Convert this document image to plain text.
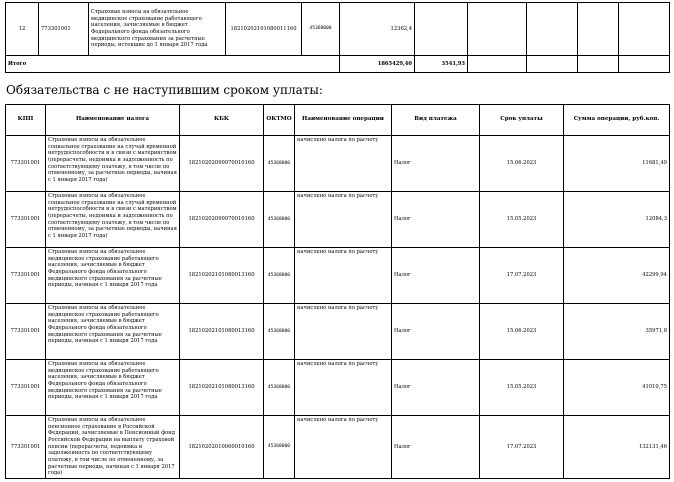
12	773301001	Страховые взносы на обязательное медицинское страхование работающего населения, зачисляемые в бюджет Федерального фонда обязательного медицинского страхования за расчетные периоды, истекшие до 1 января 2017 года	18210202101080011160	45368000	12362,4					
Итого					1865429,40	3541,93				
Обязательства с не наступившим сроком уплаты:
КПП	Наименование налога	КБК	ОКТМО	Наименование операции	Вид платежа	Срок уплаты	Сумма операции, руб.коп.
773301001	Страховые взносы на обязательное социальное страхование на случай временной нетрудоспособности и в связи с материнством (перерасчеты, недоимка и задолженность по соответствующему платежу, в том числе по отмененному, за расчетные периоды, начиная с 1 января 2017 года)	18210202090070010160	45368000	начислено налога по расчету	Налог	15.06.2023	11681,49
773301001	Страховые взносы на обязательное социальное страхование на случай временной нетрудоспособности и в связи с материнством (перерасчеты, недоимка и задолженность по соответствующему платежу, в том числе по отмененному, за расчетные периоды, начиная с 1 января 2017 года)	18210202090070010160	45368000	начислено налога по расчету	Налог	15.05.2023	12084,3
773301001	Страховые взносы на обязательное медицинское страхование работающего населения, зачисляемые в бюджет Федерального фонда обязательного медицинского страхования за расчетные периоды, начиная с 1 января 2017 года	18210202101080013160	45368000	начислено налога по расчету	Налог	17.07.2023	42299,94
773301001	Страховые взносы на обязательное медицинское страхование работающего населения, зачисляемые в бюджет Федерального фонда обязательного медицинского страхования за расчетные периоды, начиная с 1 января 2017 года	18210202101080013160	45368000	начислено налога по расчету	Налог	15.06.2023	35971,8
773301001	Страховые взносы на обязательное медицинское страхование работающего населения, зачисляемые в бюджет Федерального фонда обязательного медицинского страхования за расчетные периоды, начиная с 1 января 2017 года	18210202101080013160	45368000	начислено налога по расчету	Налог	15.05.2023	41010,75
773301001	Страховые взносы на обязательное пенсионное страхование в Российской Федерации, зачисляемые в Пенсионный фонд Российской Федерации на выплату страховой пенсии (перерасчеты, недоимка и задолженность по соответствующему платежу, в том числе по отмененному, за расчетные периоды, начиная с 1 января 2017 года)	18210202010060010160	45368000	начислено налога по расчету	Налог	17.07.2023	132131,46
